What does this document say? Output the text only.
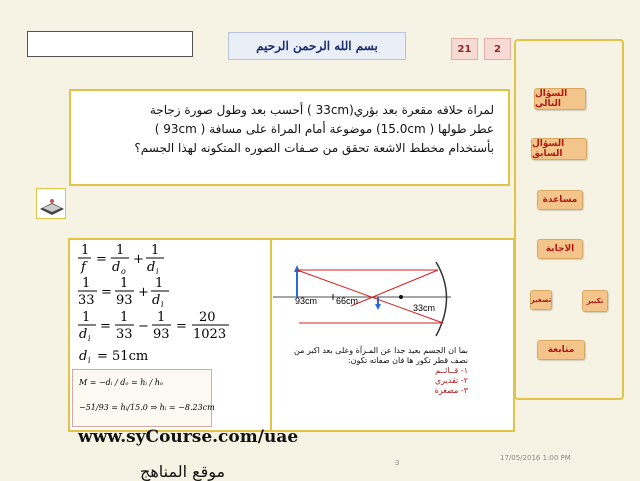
بسم الله الرحمن الرحيم	21	2
السؤال التالي
السؤال السابق
مساعدة
الاجابة
تصغير	تكبير
متابعة
لمراة حلاقه مقعرة بعد بؤري(33cm ) أحسب بعد وطول صورة زجاجة
عطر طولها ( 15.0cm) موضوعة أمام المراة على مسافة ( 93cm )
بأستخدام مخطط الاشعة تحقق من صـفات الصوره المتكونه لهذا الجسم؟
1
f
=
1
d o
+
1
d i
1
33
=
1
93
+
1
d i
1
d i
=
1
33
−
1
93
=
20
1023
d i = 51cm
M = −dᵢ / dₒ = hᵢ / hₒ
−51/93 = hᵢ/15.0 ⇒ hᵢ = −8.23cm
93cm 66cm
33cm
بما ان الجسم بعيد جدا عن المـرآة وعلى بعد اكبر من نصف قطر تكور ها فان صفاته تكون:
١- قــائــم
٢- تقديري
٣- مصغرة
www.syCourse.com/uae
موقع المناهج	3
17/05/2016 1:00 PM
